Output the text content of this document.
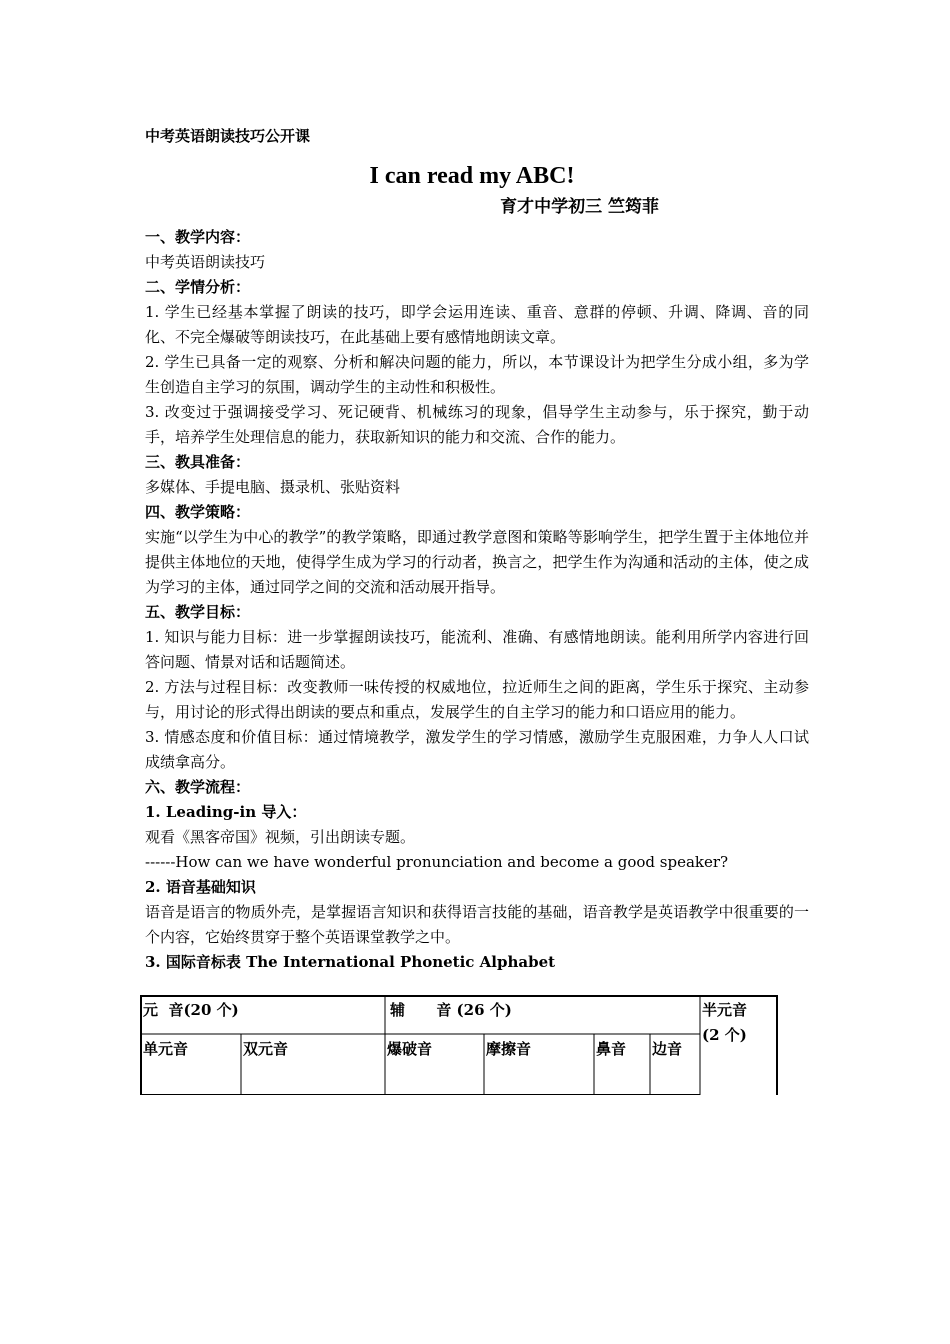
中考英语朗读技巧公开课
I can read my ABC!
育才中学初三 竺筠菲
一、教学内容：
中考英语朗读技巧
二、学情分析：
1. 学生已经基本掌握了朗读的技巧，即学会运用连读、重音、意群的停顿、升调、降调、音的同化、不完全爆破等朗读技巧，在此基础上要有感情地朗读文章。
2. 学生已具备一定的观察、分析和解决问题的能力，所以，本节课设计为把学生分成小组，多为学生创造自主学习的氛围，调动学生的主动性和积极性。
3. 改变过于强调接受学习、死记硬背、机械练习的现象，倡导学生主动参与，乐于探究，勤于动手，培养学生处理信息的能力，获取新知识的能力和交流、合作的能力。
三、教具准备：
多媒体、手提电脑、摄录机、张贴资料
四、教学策略：
实施“以学生为中心的教学”的教学策略，即通过教学意图和策略等影响学生，把学生置于主体地位并提供主体地位的天地，使得学生成为学习的行动者，换言之，把学生作为沟通和活动的主体，使之成为学习的主体，通过同学之间的交流和活动展开指导。
五、教学目标：
1. 知识与能力目标：进一步掌握朗读技巧，能流利、准确、有感情地朗读。能利用所学内容进行回答问题、情景对话和话题简述。
2. 方法与过程目标：改变教师一味传授的权威地位，拉近师生之间的距离，学生乐于探究、主动参与，用讨论的形式得出朗读的要点和重点，发展学生的自主学习的能力和口语应用的能力。
3. 情感态度和价值目标：通过情境教学，激发学生的学习情感，激励学生克服困难，力争人人口试成绩拿高分。
六、教学流程：
1. Leading-in 导入：
观看《黑客帝国》视频，引出朗读专题。
------How can we have wonderful pronunciation and become a good speaker?
2. 语音基础知识
语音是语言的物质外壳，是掌握语言知识和获得语言技能的基础，语音教学是英语教学中很重要的一个内容，它始终贯穿于整个英语课堂教学之中。
3. 国际音标表 The International Phonetic Alphabet
元  音(20 个)	辅      音 (26 个)	半元音(2 个)
单元音	双元音	爆破音	摩擦音	鼻音 边音
